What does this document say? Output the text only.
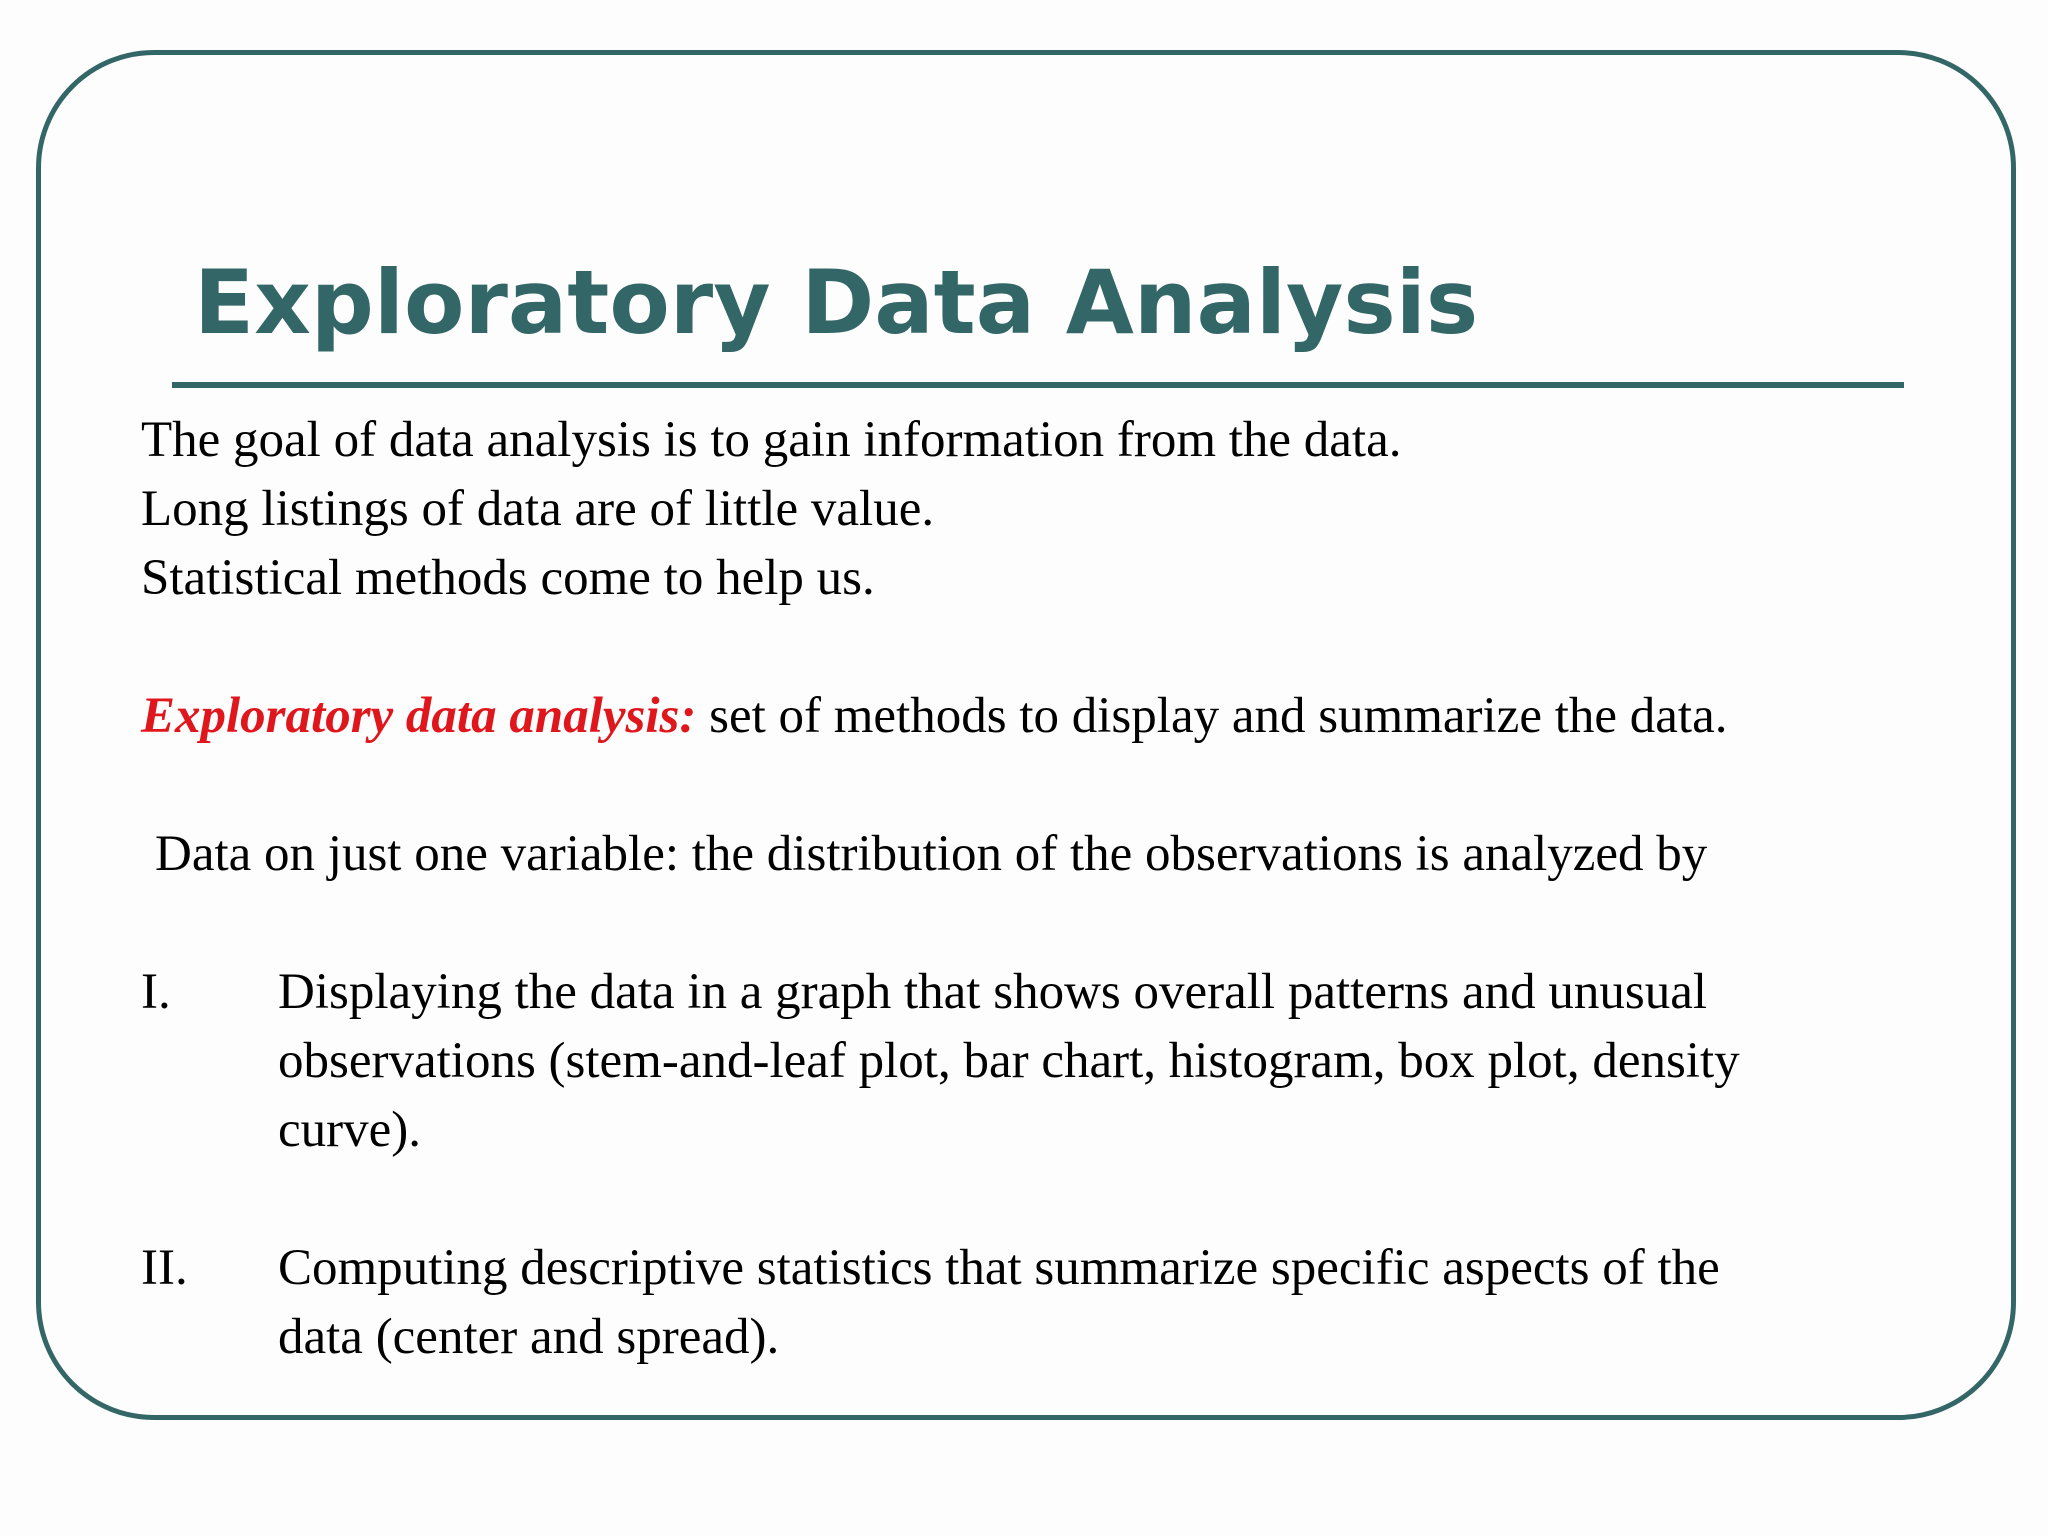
Exploratory Data Analysis
The goal of data analysis is to gain information from the data.
Long listings of data are of little value.
Statistical methods come to help us.
Exploratory data analysis: set of methods to display and summarize the data.
Data on just one variable: the distribution of the observations is analyzed by
I. Displaying the data in a graph that shows overall patterns and unusual
observations (stem-and-leaf plot, bar chart, histogram, box plot, density
curve).
II. Computing descriptive statistics that summarize specific aspects of the
data (center and spread).
